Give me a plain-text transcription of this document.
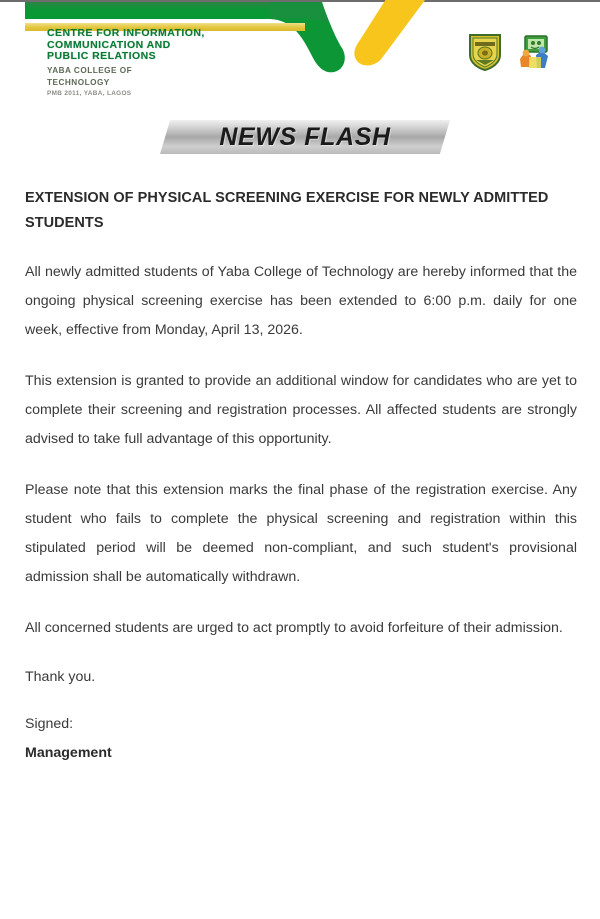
CENTRE FOR INFORMATION,
COMMUNICATION AND
PUBLIC RELATIONS
YABA COLLEGE OF
TECHNOLOGY
PMB 2011, YABA, LAGOS
NEWS FLASH
EXTENSION OF PHYSICAL SCREENING EXERCISE FOR NEWLY ADMITTED STUDENTS

All newly admitted students of Yaba College of Technology are hereby informed that the ongoing physical screening exercise has been extended to 6:00 p.m. daily for one week, effective from Monday, April 13, 2026.

This extension is granted to provide an additional window for candidates who are yet to complete their screening and registration processes. All affected students are strongly advised to take full advantage of this opportunity.

Please note that this extension marks the final phase of the registration exercise. Any student who fails to complete the physical screening and registration within this stipulated period will be deemed non-compliant, and such student's provisional admission shall be automatically withdrawn.

All concerned students are urged to act promptly to avoid forfeiture of their admission.

Thank you.

Signed:

Management
